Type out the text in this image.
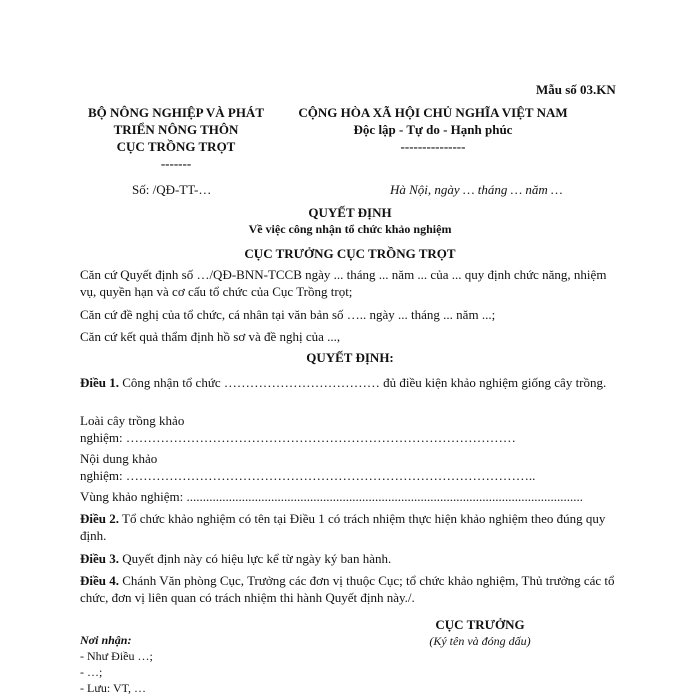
Mẫu số 03.KN
BỘ NÔNG NGHIỆP VÀ PHÁT
TRIỂN NÔNG THÔN
CỤC TRỒNG TRỌT
-------
CỘNG HÒA XÃ HỘI CHỦ NGHĨA VIỆT NAM
Độc lập - Tự do - Hạnh phúc
---------------
Số: /QĐ-TT-…	Hà Nội, ngày … tháng … năm …
QUYẾT ĐỊNH
Về việc công nhận tổ chức khảo nghiệm
CỤC TRƯỞNG CỤC TRỒNG TRỌT
Căn cứ Quyết định số …/QĐ-BNN-TCCB ngày ... tháng ... năm ... của ... quy định chức năng, nhiệm vụ, quyền hạn và cơ cấu tổ chức của Cục Trồng trọt;
Căn cứ đề nghị của tổ chức, cá nhân tại văn bản số ….. ngày ... tháng ... năm ...;
Căn cứ kết quả thẩm định hồ sơ và đề nghị của ...,
QUYẾT ĐỊNH:
Điều 1. Công nhận tổ chức ……………………………… đủ điều kiện khảo nghiệm giống cây trồng.
Loài cây trồng khảo
nghiệm: ………………………………………………………………………………
Nội dung khảo
nghiệm: …………………………………………………………………………………..
Vùng khảo nghiệm: ..........................................................................................................................
Điều 2. Tổ chức khảo nghiệm có tên tại Điều 1 có trách nhiệm thực hiện khảo nghiệm theo đúng quy định.
Điều 3. Quyết định này có hiệu lực kể từ ngày ký ban hành.
Điều 4. Chánh Văn phòng Cục, Trưởng các đơn vị thuộc Cục; tổ chức khảo nghiệm, Thủ trưởng các tổ chức, đơn vị liên quan có trách nhiệm thi hành Quyết định này./.
Nơi nhận:
- Như Điều …;
- …;
- Lưu: VT, …
CỤC TRƯỞNG
(Ký tên và đóng dấu)
